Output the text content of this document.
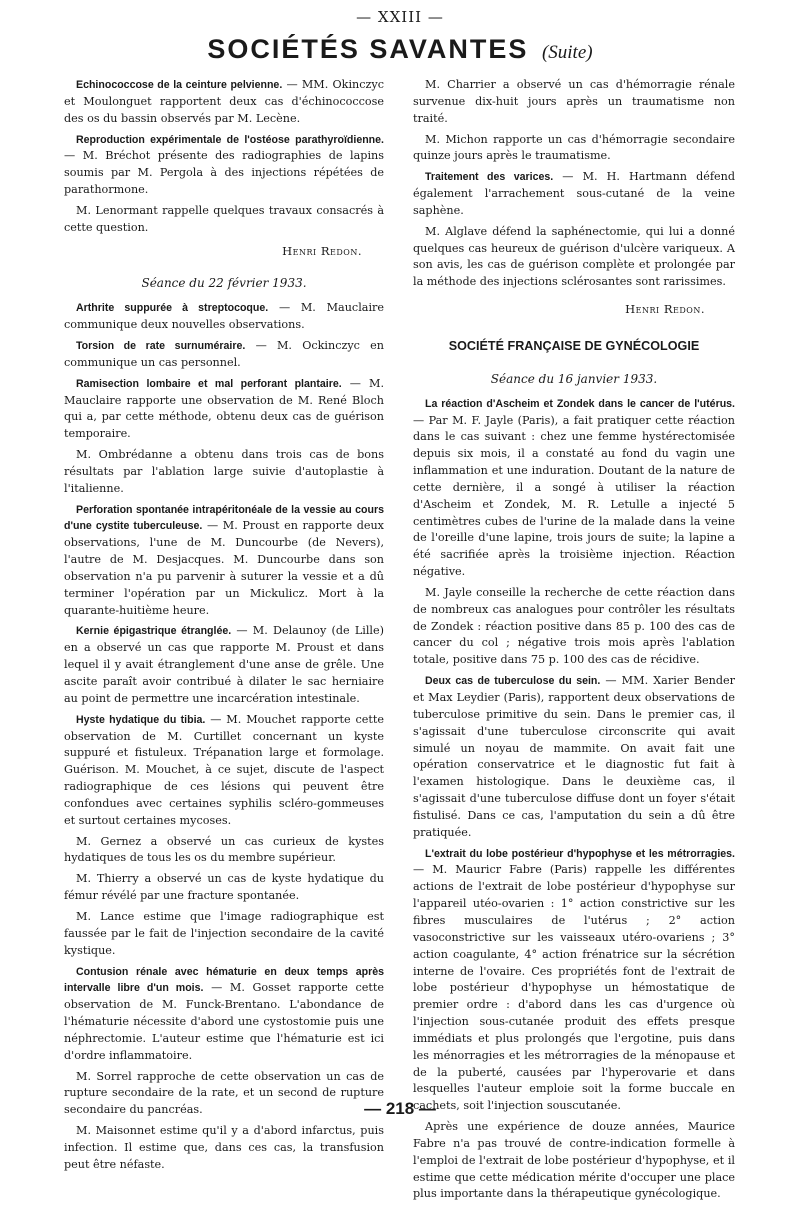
— XXIII —
SOCIÉTÉS SAVANTES (Suite)

Echinococcose de la ceinture pelvienne. — MM. Okinczyc et Moulonguet rapportent deux cas d'échinococcose des os du bassin observés par M. Lecène.

Reproduction expérimentale de l'ostéose parathyroïdienne. — M. Bréchot présente des radiographies de lapins soumis par M. Pergola à des injections répétées de parathormone.

M. Lenormant rappelle quelques travaux consacrés à cette question.

Henri Redon.
Séance du 22 février 1933.

Arthrite suppurée à streptocoque. — M. Mauclaire communique deux nouvelles observations.

Torsion de rate surnuméraire. — M. Ockinczyc en communique un cas personnel.

Ramisection lombaire et mal perforant plantaire. — M. Mauclaire rapporte une observation de M. René Bloch qui a, par cette méthode, obtenu deux cas de guérison temporaire.

M. Ombrédanne a obtenu dans trois cas de bons résultats par l'ablation large suivie d'autoplastie à l'italienne.

Perforation spontanée intrapéritonéale de la vessie au cours d'une cystite tuberculeuse. — M. Proust en rapporte deux observations, l'une de M. Duncourbe (de Nevers), l'autre de M. Desjacques. M. Duncourbe dans son observation n'a pu parvenir à suturer la vessie et a dû terminer l'opération par un Mickulicz. Mort à la quarante-huitième heure.

Kernie épigastrique étranglée. — M. Delaunoy (de Lille) en a observé un cas que rapporte M. Proust et dans lequel il y avait étranglement d'une anse de grêle. Une ascite paraît avoir contribué à dilater le sac herniaire au point de permettre une incarcération intestinale.

Hyste hydatique du tibia. — M. Mouchet rapporte cette observation de M. Curtillet concernant un kyste suppuré et fistuleux. Trépanation large et formolage. Guérison. M. Mouchet, à ce sujet, discute de l'aspect radiographique de ces lésions qui peuvent être confondues avec certaines syphilis scléro-gommeuses et surtout certaines mycoses.

M. Gernez a observé un cas curieux de kystes hydatiques de tous les os du membre supérieur.

M. Thierry a observé un cas de kyste hydatique du fémur révélé par une fracture spontanée.

M. Lance estime que l'image radiographique est faussée par le fait de l'injection secondaire de la cavité kystique.

Contusion rénale avec hématurie en deux temps après intervalle libre d'un mois. — M. Gosset rapporte cette observation de M. Funck-Brentano. L'abondance de l'hématurie nécessite d'abord une cystostomie puis une néphrectomie. L'auteur estime que l'hématurie est ici d'ordre inflammatoire.

M. Sorrel rapproche de cette observation un cas de rupture secondaire de la rate, et un second de rupture secondaire du pancréas.

M. Maisonnet estime qu'il y a d'abord infarctus, puis infection. Il estime que, dans ces cas, la transfusion peut être néfaste.

M. Charrier a observé un cas d'hémorragie rénale survenue dix-huit jours après un traumatisme non traité.

M. Michon rapporte un cas d'hémorragie secondaire quinze jours après le traumatisme.

Traitement des varices. — M. H. Hartmann défend également l'arrachement sous-cutané de la veine saphène.

M. Alglave défend la saphénectomie, qui lui a donné quelques cas heureux de guérison d'ulcère variqueux. A son avis, les cas de guérison complète et prolongée par la méthode des injections sclérosantes sont rarissimes.

Henri Redon.
SOCIÉTÉ FRANÇAISE DE GYNÉCOLOGIE
Séance du 16 janvier 1933.

La réaction d'Ascheim et Zondek dans le cancer de l'utérus. — Par M. F. Jayle (Paris), a fait pratiquer cette réaction dans le cas suivant : chez une femme hystérectomisée depuis six mois, il a constaté au fond du vagin une inflammation et une induration. Doutant de la nature de cette dernière, il a songé à utiliser la réaction d'Ascheim et Zondek, M. R. Letulle a injecté 5 centimètres cubes de l'urine de la malade dans la veine de l'oreille d'une lapine, trois jours de suite; la lapine a été sacrifiée après la troisième injection. Réaction négative.

M. Jayle conseille la recherche de cette réaction dans de nombreux cas analogues pour contrôler les résultats de Zondek : réaction positive dans 85 p. 100 des cas de cancer du col ; négative trois mois après l'ablation totale, positive dans 75 p. 100 des cas de récidive.

Deux cas de tuberculose du sein. — MM. Xarier Bender et Max Leydier (Paris), rapportent deux observations de tuberculose primitive du sein. Dans le premier cas, il s'agissait d'une tuberculose circonscrite qui avait simulé un noyau de mammite. On avait fait une opération conservatrice et le diagnostic fut fait à l'examen histologique. Dans le deuxième cas, il s'agissait d'une tuberculose diffuse dont un foyer s'était fistulisé. Dans ce cas, l'amputation du sein a dû être pratiquée.

L'extrait du lobe postérieur d'hypophyse et les métrorragies. — M. Mauricr Fabre (Paris) rappelle les différentes actions de l'extrait de lobe postérieur d'hypophyse sur l'appareil utéo-ovarien : 1° action constrictive sur les fibres musculaires de l'utérus ; 2° action vasoconstrictive sur les vaisseaux utéro-ovariens ; 3° action coagulante, 4° action frénatrice sur la sécrétion interne de l'ovaire. Ces propriétés font de l'extrait de lobe postérieur d'hypophyse un hémostatique de premier ordre : d'abord dans les cas d'urgence où l'injection sous-cutanée produit des effets presque immédiats et plus prolongés que l'ergotine, puis dans les ménorragies et les métrorragies de la ménopause et de la puberté, causées par l'hyperovarie et dans lesquelles l'auteur emploie soit la forme buccale en cachets, soit l'injection souscutanée.

Après une expérience de douze années, Maurice Fabre n'a pas trouvé de contre-indication formelle à l'emploi de l'extrait de lobe postérieur d'hypophyse, et il estime que cette médication mérite d'occuper une place plus importante dans la thérapeutique gynécologique.

— 218 —
